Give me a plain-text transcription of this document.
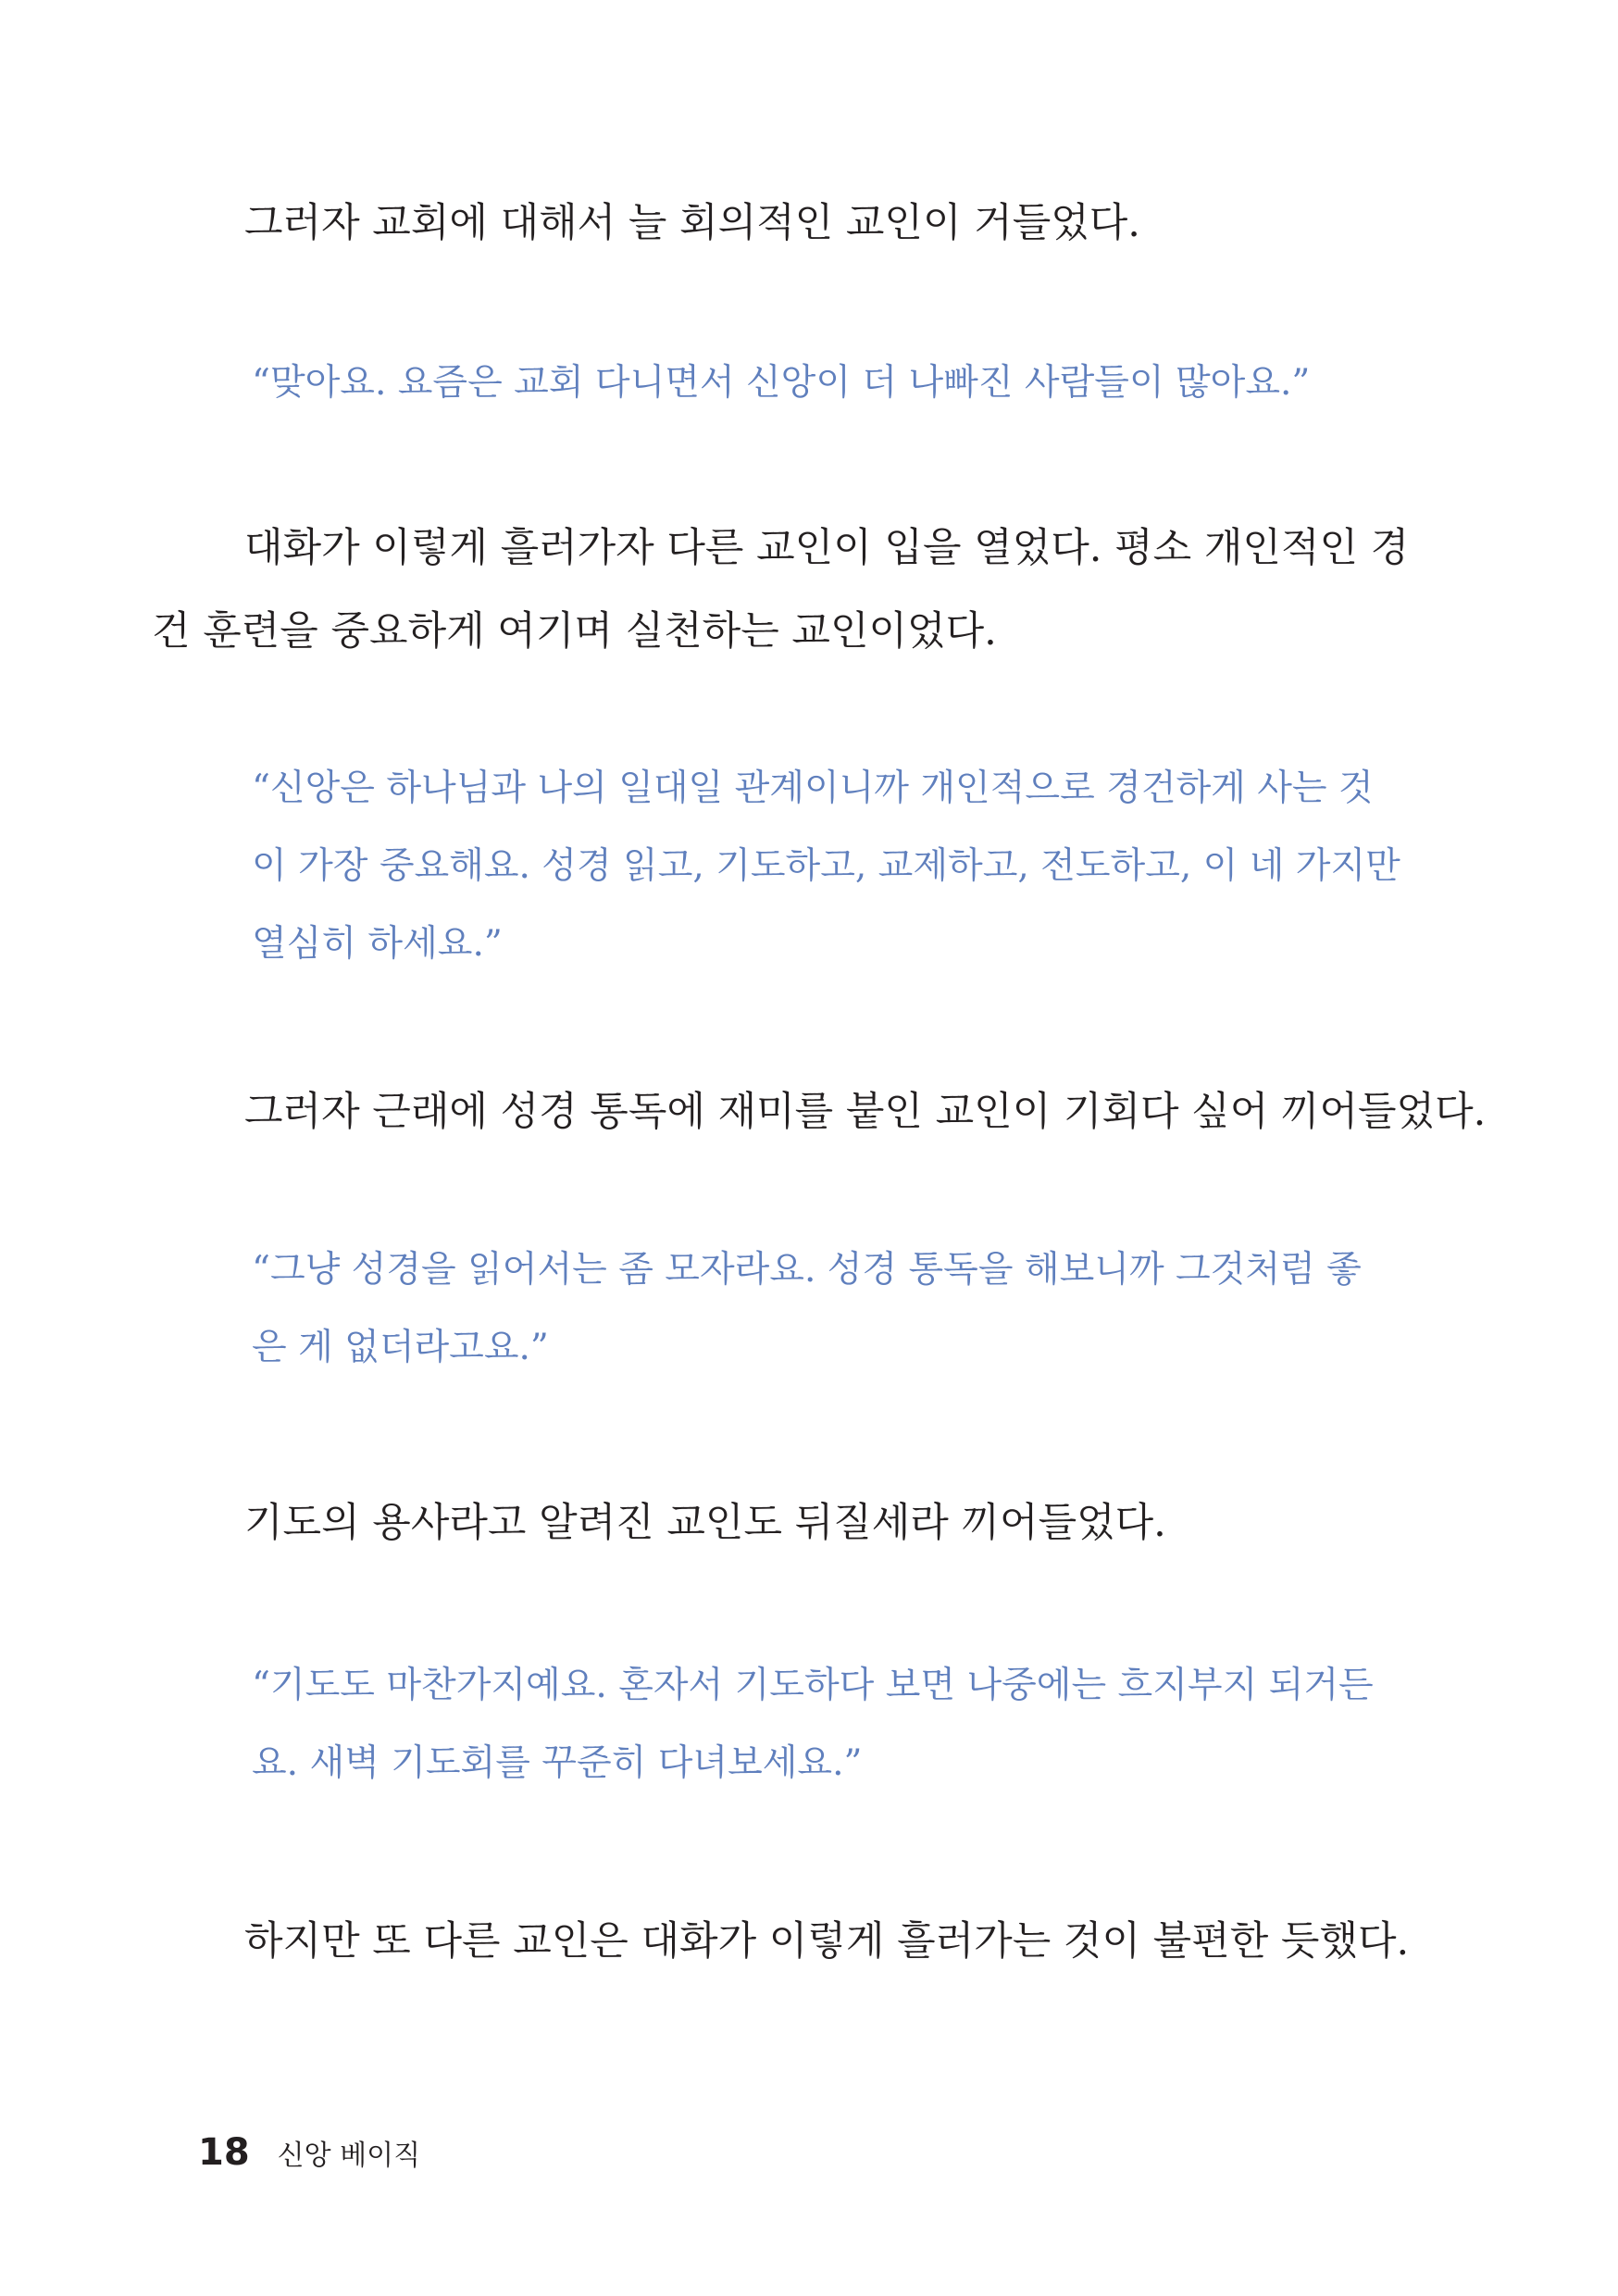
그러자 교회에 대해서 늘 회의적인 교인이 거들었다.

“맞아요. 요즘은 교회 다니면서 신앙이 더 나빠진 사람들이 많아요.”

대화가 이렇게 흘러가자 다른 교인이 입을 열었다. 평소 개인적인 경
건 훈련을 중요하게 여기며 실천하는 교인이었다.

“신앙은 하나님과 나의 일대일 관계이니까 개인적으로 경건하게 사는 것
이 가장 중요해요. 성경 읽고, 기도하고, 교제하고, 전도하고, 이 네 가지만
열심히 하세요.”

그러자 근래에 성경 통독에 재미를 붙인 교인이 기회다 싶어 끼어들었다.

“그냥 성경을 읽어서는 좀 모자라요. 성경 통독을 해보니까 그것처럼 좋
은 게 없더라고요.”

기도의 용사라고 알려진 교인도 뒤질세라 끼어들었다.

“기도도 마찬가지예요. 혼자서 기도하다 보면 나중에는 흐지부지 되거든
요. 새벽 기도회를 꾸준히 다녀보세요.”

하지만 또 다른 교인은 대화가 이렇게 흘러가는 것이 불편한 듯했다.

18 신앙 베이직
